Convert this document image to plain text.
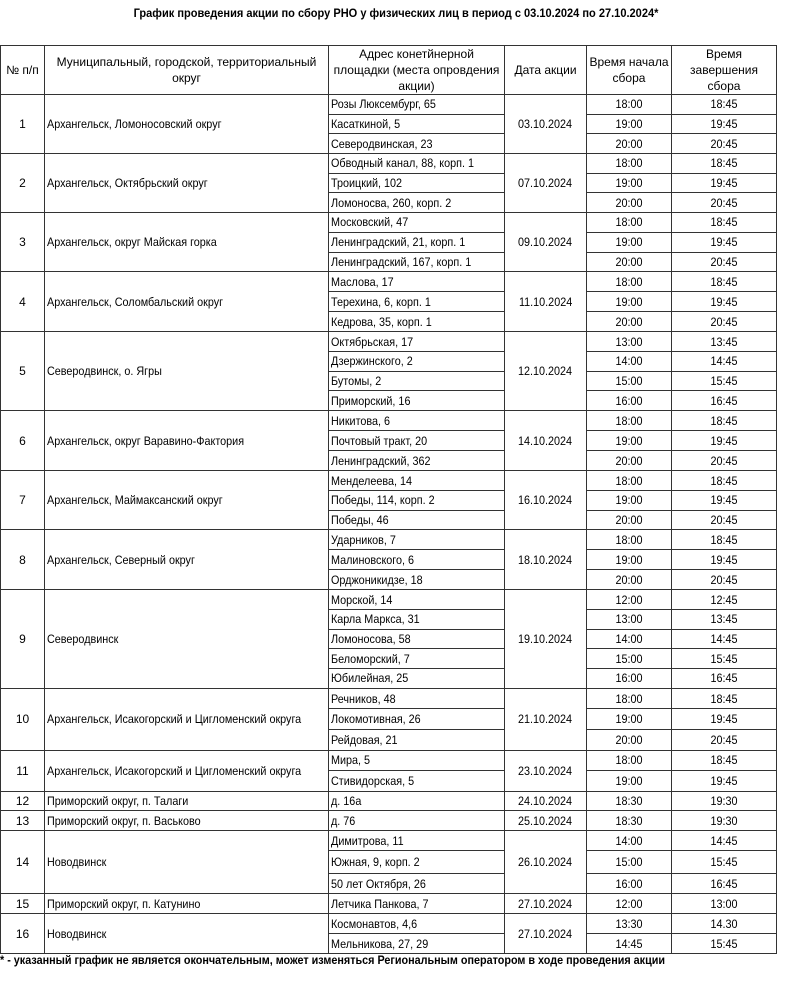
График проведения акции по сбору РНО у физических лиц в период с 03.10.2024 по 27.10.2024*
№ п/п	Муниципальный, городской, территориальный округ	Адрес конетйнерной площадки (места опровдения акции)	Дата акции	Время начала сбора	Время завершения сбора
1	Архангельск, Ломоносовский округ	Розы Люксембург, 65	03.10.2024	18:00	18:45
		Касаткиной, 5		19:00	19:45
		Северодвинская, 23		20:00	20:45
2	Архангельск, Октябрьский округ	Обводный канал, 88, корп. 1	07.10.2024	18:00	18:45
		Троицкий, 102		19:00	19:45
		Ломоносва, 260, корп. 2		20:00	20:45
3	Архангельск, округ Майская горка	Московский, 47	09.10.2024	18:00	18:45
		Ленинградский, 21, корп. 1		19:00	19:45
		Ленинградский, 167, корп. 1		20:00	20:45
4	Архангельск, Соломбальский округ	Маслова, 17	11.10.2024	18:00	18:45
		Терехина, 6, корп. 1		19:00	19:45
		Кедрова, 35, корп. 1		20:00	20:45
5	Северодвинск, о. Ягры	Октябрьская, 17	12.10.2024	13:00	13:45
		Дзержинского, 2		14:00	14:45
		Бутомы, 2		15:00	15:45
		Приморский, 16		16:00	16:45
6	Архангельск, округ Варавино-Фактория	Никитова, 6	14.10.2024	18:00	18:45
		Почтовый тракт, 20		19:00	19:45
		Ленинградский, 362		20:00	20:45
7	Архангельск, Маймаксанский округ	Менделеева, 14	16.10.2024	18:00	18:45
		Победы, 114, корп. 2		19:00	19:45
		Победы, 46		20:00	20:45
8	Архангельск, Северный округ	Ударников, 7	18.10.2024	18:00	18:45
		Малиновского, 6		19:00	19:45
		Орджоникидзе, 18		20:00	20:45
9	Северодвинск	Морской, 14	19.10.2024	12:00	12:45
		Карла Маркса, 31		13:00	13:45
		Ломоносова, 58		14:00	14:45
		Беломорский, 7		15:00	15:45
		Юбилейная, 25		16:00	16:45
10	Архангельск, Исакогорский и Цигломенский округа	Речников, 48	21.10.2024	18:00	18:45
		Локомотивная, 26		19:00	19:45
		Рейдовая, 21		20:00	20:45
11	Архангельск, Исакогорский и Цигломенский округа	Мира, 5	23.10.2024	18:00	18:45
		Стивидорская, 5		19:00	19:45
12	Приморский округ, п. Талаги	д. 16а	24.10.2024	18:30	19:30
13	Приморский округ, п. Васьково	д. 76	25.10.2024	18:30	19:30
14	Новодвинск	Димитрова, 11	26.10.2024	14:00	14:45
		Южная, 9, корп. 2		15:00	15:45
		50 лет Октября, 26		16:00	16:45
15	Приморский округ, п. Катунино	Летчика Панкова, 7	27.10.2024	12:00	13:00
16	Новодвинск	Космонавтов, 4,6	27.10.2024	13:30	14.30
		Мельникова, 27, 29		14:45	15:45
* - указанный график не является окончательным, может изменяться Региональным оператором в ходе проведения акции
